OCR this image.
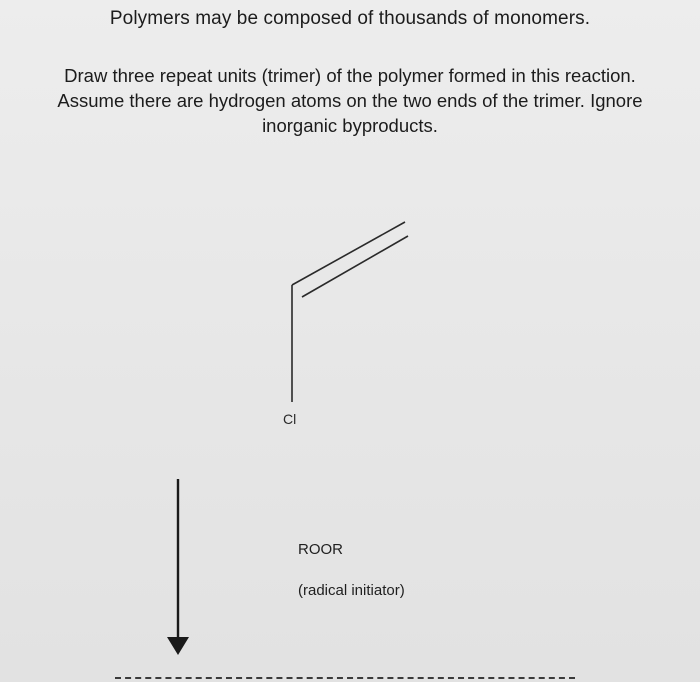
Polymers may be composed of thousands of monomers.

Draw three repeat units (trimer) of the polymer formed in this reaction.

Assume there are hydrogen atoms on the two ends of the trimer. Ignore

inorganic byproducts.

Cl
ROOR
(radical initiator)
